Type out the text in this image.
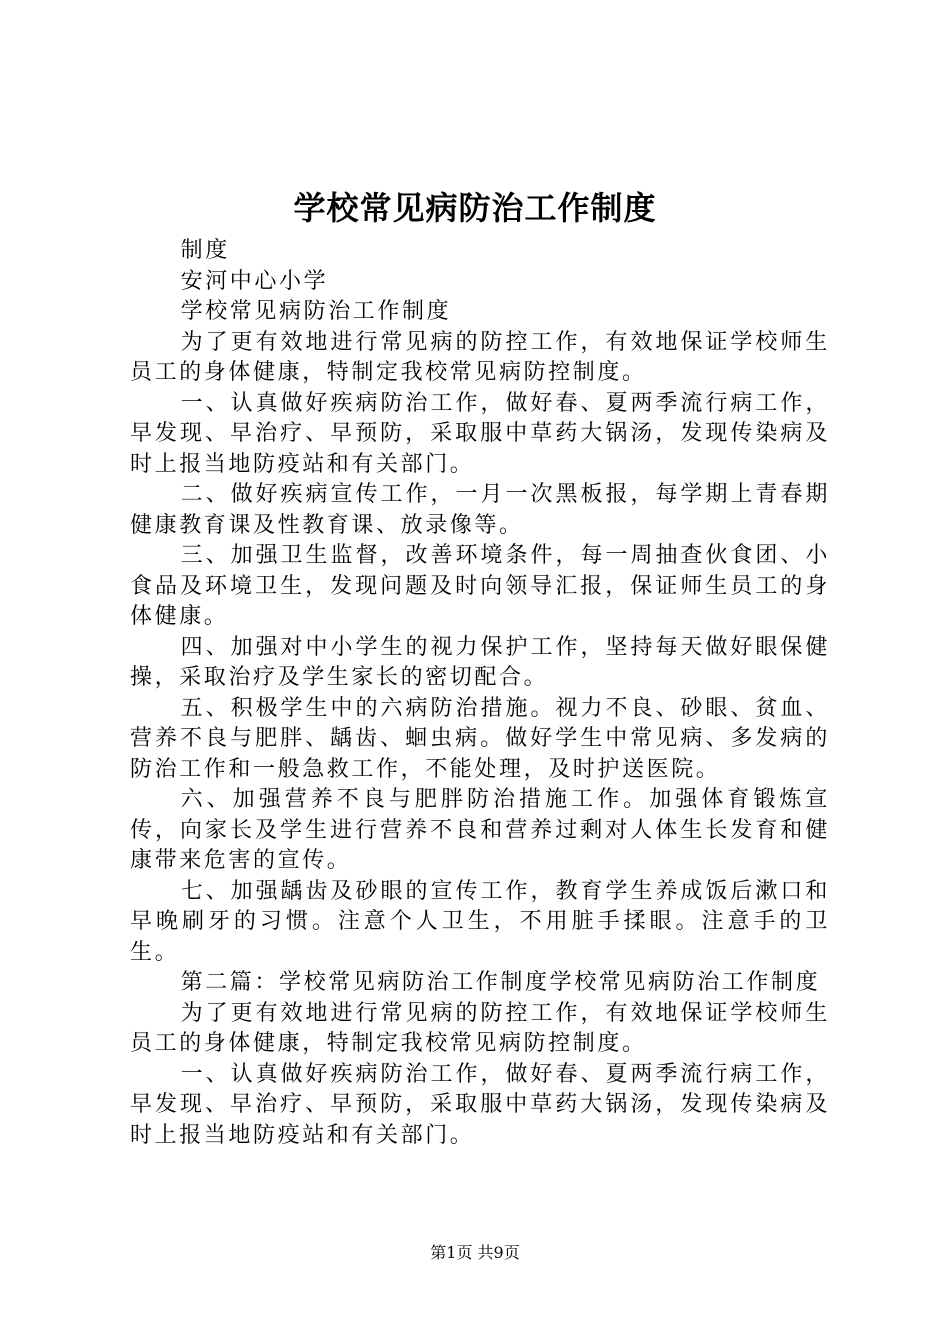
学校常见病防治工作制度

制度

安河中心小学

学校常见病防治工作制度

为了更有效地进行常见病的防控工作，有效地保证学校师生员工的身体健康，特制定我校常见病防控制度。

一、认真做好疾病防治工作，做好春、夏两季流行病工作，早发现、早治疗、早预防，采取服中草药大锅汤，发现传染病及时上报当地防疫站和有关部门。

二、做好疾病宣传工作，一月一次黑板报，每学期上青春期健康教育课及性教育课、放录像等。

三、加强卫生监督，改善环境条件，每一周抽查伙食团、小食品及环境卫生，发现问题及时向领导汇报，保证师生员工的身体健康。

四、加强对中小学生的视力保护工作，坚持每天做好眼保健操，采取治疗及学生家长的密切配合。

五、积极学生中的六病防治措施。视力不良、砂眼、贫血、营养不良与肥胖、龋齿、蛔虫病。做好学生中常见病、多发病的防治工作和一般急救工作，不能处理，及时护送医院。

六、加强营养不良与肥胖防治措施工作。加强体育锻炼宣传，向家长及学生进行营养不良和营养过剩对人体生长发育和健康带来危害的宣传。

七、加强龋齿及砂眼的宣传工作，教育学生养成饭后漱口和早晚刷牙的习惯。注意个人卫生，不用脏手揉眼。注意手的卫生。

第二篇：学校常见病防治工作制度学校常见病防治工作制度

为了更有效地进行常见病的防控工作，有效地保证学校师生员工的身体健康，特制定我校常见病防控制度。

一、认真做好疾病防治工作，做好春、夏两季流行病工作，早发现、早治疗、早预防，采取服中草药大锅汤，发现传染病及时上报当地防疫站和有关部门。

第1页 共9页
